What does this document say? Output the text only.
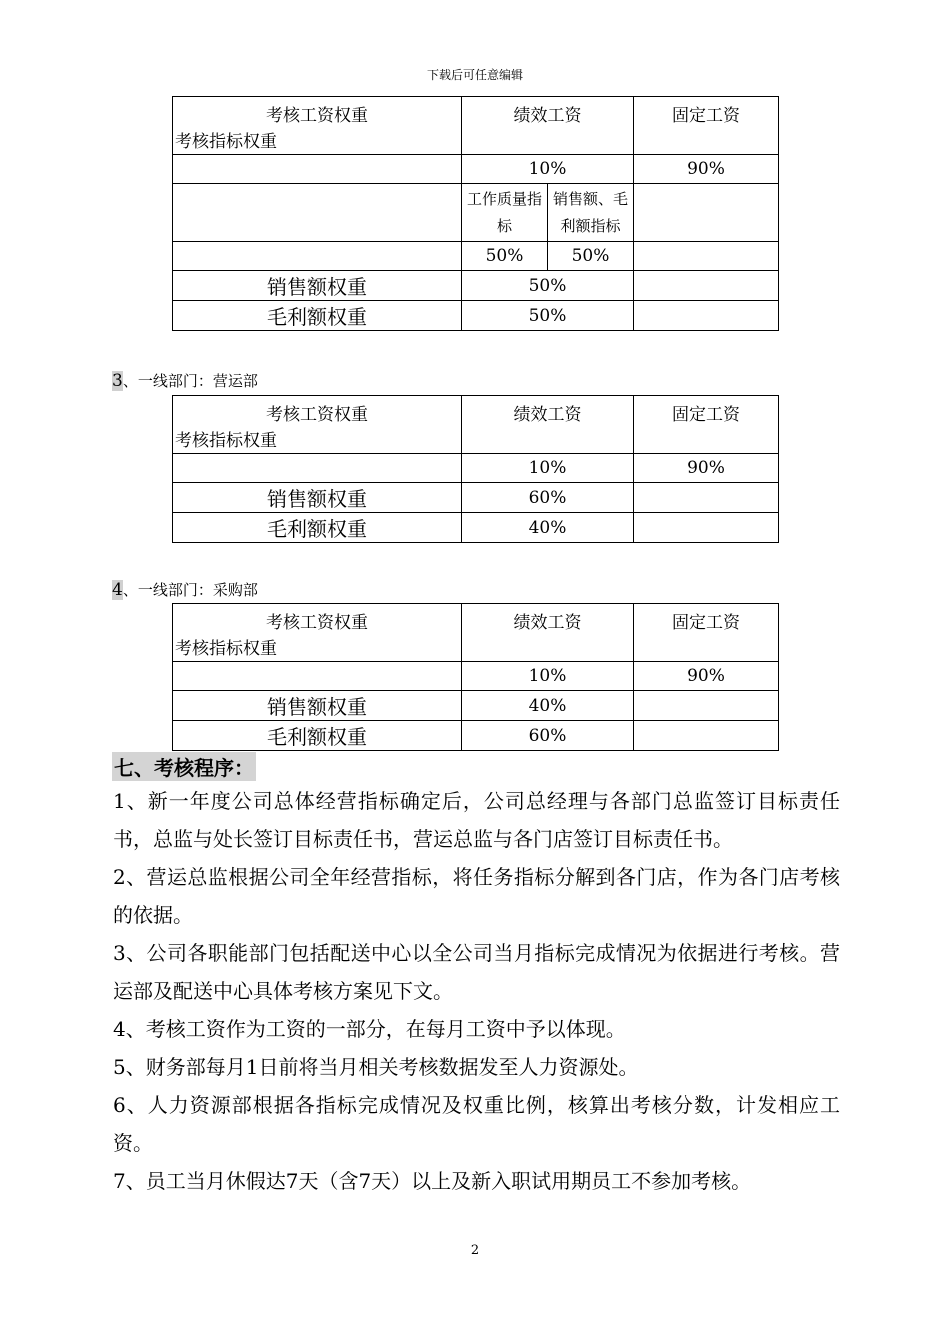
下载后可任意编辑
考核工资权重
考核指标权重	绩效工资		固定工资
	10%		90%
	工作质量指标	销售额、毛利额指标	
	50%	50%	
销售额权重	50%		
毛利额权重	50%		
3、一线部门：营运部
考核工资权重
考核指标权重	绩效工资	固定工资
	10%	90%
销售额权重	60%	
毛利额权重	40%	
4、一线部门：采购部
考核工资权重
考核指标权重	绩效工资	固定工资
	10%	90%
销售额权重	40%	
毛利额权重	60%	
七、考核程序：

1、新一年度公司总体经营指标确定后，公司总经理与各部门总监签订目标责任书，总监与处长签订目标责任书，营运总监与各门店签订目标责任书。

2、营运总监根据公司全年经营指标，将任务指标分解到各门店，作为各门店考核的依据。

3、公司各职能部门包括配送中心以全公司当月指标完成情况为依据进行考核。营运部及配送中心具体考核方案见下文。

4、考核工资作为工资的一部分，在每月工资中予以体现。

5、财务部每月1日前将当月相关考核数据发至人力资源处。

6、人力资源部根据各指标完成情况及权重比例，核算出考核分数，计发相应工资。

7、员工当月休假达7天（含7天）以上及新入职试用期员工不参加考核。

2
